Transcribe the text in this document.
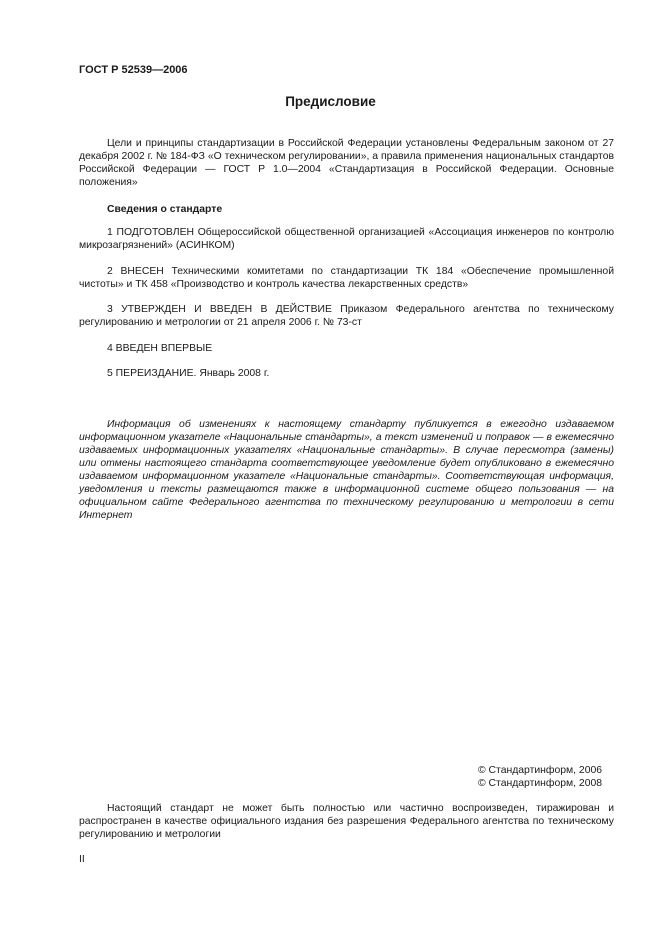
ГОСТ Р 52539—2006
Предисловие
Цели и принципы стандартизации в Российской Федерации установлены Федеральным законом от 27 декабря 2002 г. № 184-ФЗ «О техническом регулировании», а правила применения национальных стандартов Российской Федерации — ГОСТ Р 1.0—2004 «Стандартизация в Российской Федерации. Основные положения»
Сведения о стандарте
1 ПОДГОТОВЛЕН Общероссийской общественной организацией «Ассоциация инженеров по контролю микрозагрязнений» (АСИНКОМ)
2 ВНЕСЕН Техническими комитетами по стандартизации ТК 184 «Обеспечение промышленной чистоты» и ТК 458 «Производство и контроль качества лекарственных средств»
3 УТВЕРЖДЕН И ВВЕДЕН В ДЕЙСТВИЕ Приказом Федерального агентства по техническому регулированию и метрологии от 21 апреля 2006 г. № 73-ст
4 ВВЕДЕН ВПЕРВЫЕ
5 ПЕРЕИЗДАНИЕ. Январь 2008 г.
Информация об изменениях к настоящему стандарту публикуется в ежегодно издаваемом информационном указателе «Национальные стандарты», а текст изменений и поправок — в ежемесячно издаваемых информационных указателях «Национальные стандарты». В случае пересмотра (замены) или отмены настоящего стандарта соответствующее уведомление будет опубликовано в ежемесячно издаваемом информационном указателе «Национальные стандарты». Соответствующая информация, уведомления и тексты размещаются также в информационной системе общего пользования — на официальном сайте Федерального агентства по техническому регулированию и метрологии в сети Интернет
© Стандартинформ, 2006
© Стандартинформ, 2008
Настоящий стандарт не может быть полностью или частично воспроизведен, тиражирован и распространен в качестве официального издания без разрешения Федерального агентства по техническому регулированию и метрологии
II
